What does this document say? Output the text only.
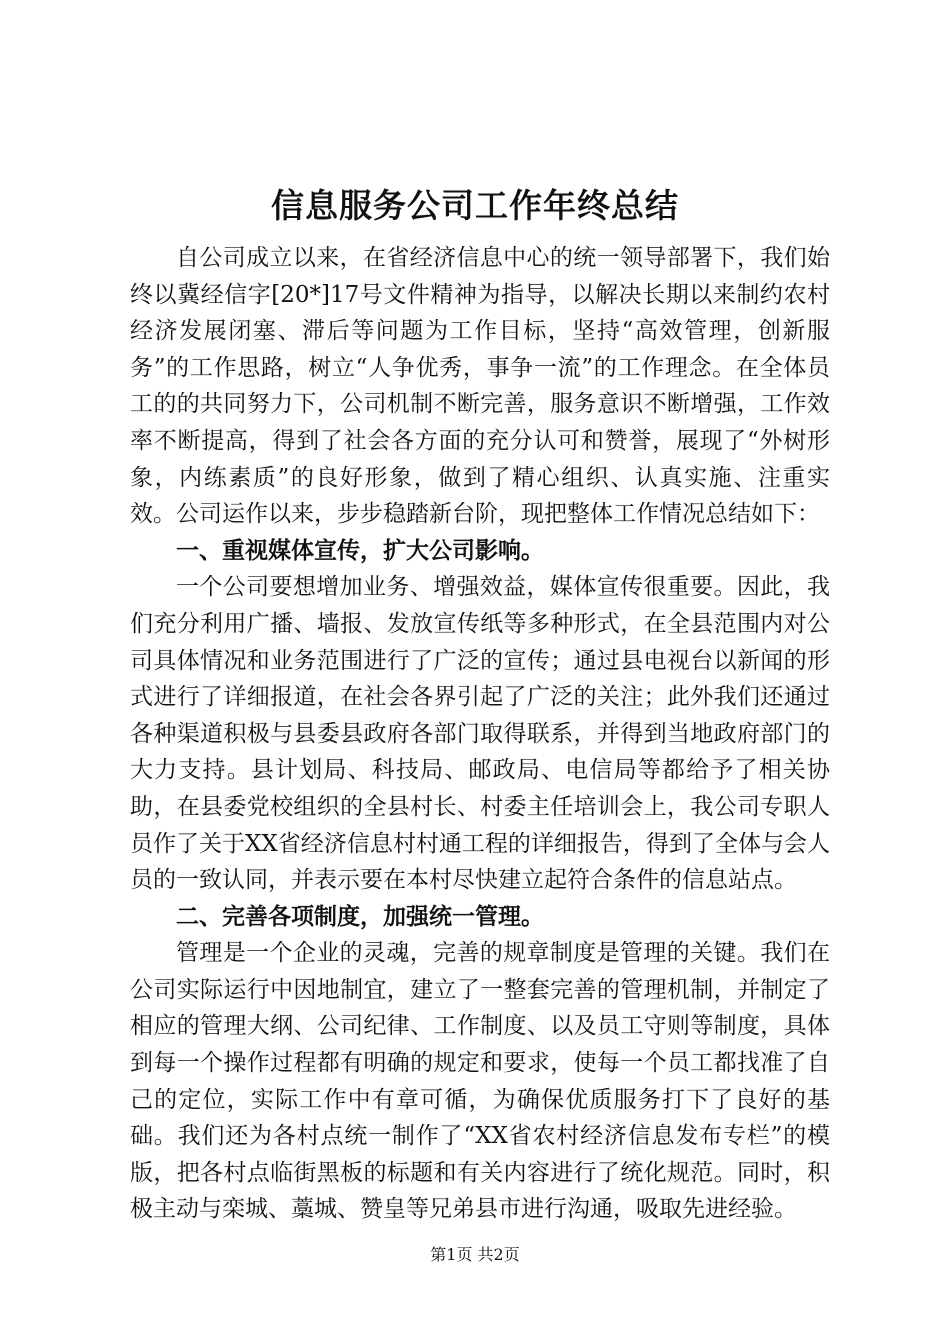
信息服务公司工作年终总结

自公司成立以来，在省经济信息中心的统一领导部署下，我们始终以冀经信字[20*]17号文件精神为指导，以解决长期以来制约农村经济发展闭塞、滞后等问题为工作目标，坚持“高效管理，创新服务”的工作思路，树立“人争优秀，事争一流”的工作理念。在全体员工的的共同努力下，公司机制不断完善，服务意识不断增强，工作效率不断提高，得到了社会各方面的充分认可和赞誉，展现了“外树形象，内练素质”的良好形象，做到了精心组织、认真实施、注重实效。公司运作以来，步步稳踏新台阶，现把整体工作情况总结如下：

一、重视媒体宣传，扩大公司影响。

一个公司要想增加业务、增强效益，媒体宣传很重要。因此，我们充分利用广播、墙报、发放宣传纸等多种形式，在全县范围内对公司具体情况和业务范围进行了广泛的宣传；通过县电视台以新闻的形式进行了详细报道，在社会各界引起了广泛的关注；此外我们还通过各种渠道积极与县委县政府各部门取得联系，并得到当地政府部门的大力支持。县计划局、科技局、邮政局、电信局等都给予了相关协助，在县委党校组织的全县村长、村委主任培训会上，我公司专职人员作了关于XX省经济信息村村通工程的详细报告，得到了全体与会人员的一致认同，并表示要在本村尽快建立起符合条件的信息站点。

二、完善各项制度，加强统一管理。

管理是一个企业的灵魂，完善的规章制度是管理的关键。我们在公司实际运行中因地制宜，建立了一整套完善的管理机制，并制定了相应的管理大纲、公司纪律、工作制度、以及员工守则等制度，具体到每一个操作过程都有明确的规定和要求，使每一个员工都找准了自己的定位，实际工作中有章可循，为确保优质服务打下了良好的基础。我们还为各村点统一制作了“XX省农村经济信息发布专栏”的模版，把各村点临街黑板的标题和有关内容进行了统化规范。同时，积极主动与栾城、藁城、赞皇等兄弟县市进行沟通，吸取先进经验。

第1页 共2页
